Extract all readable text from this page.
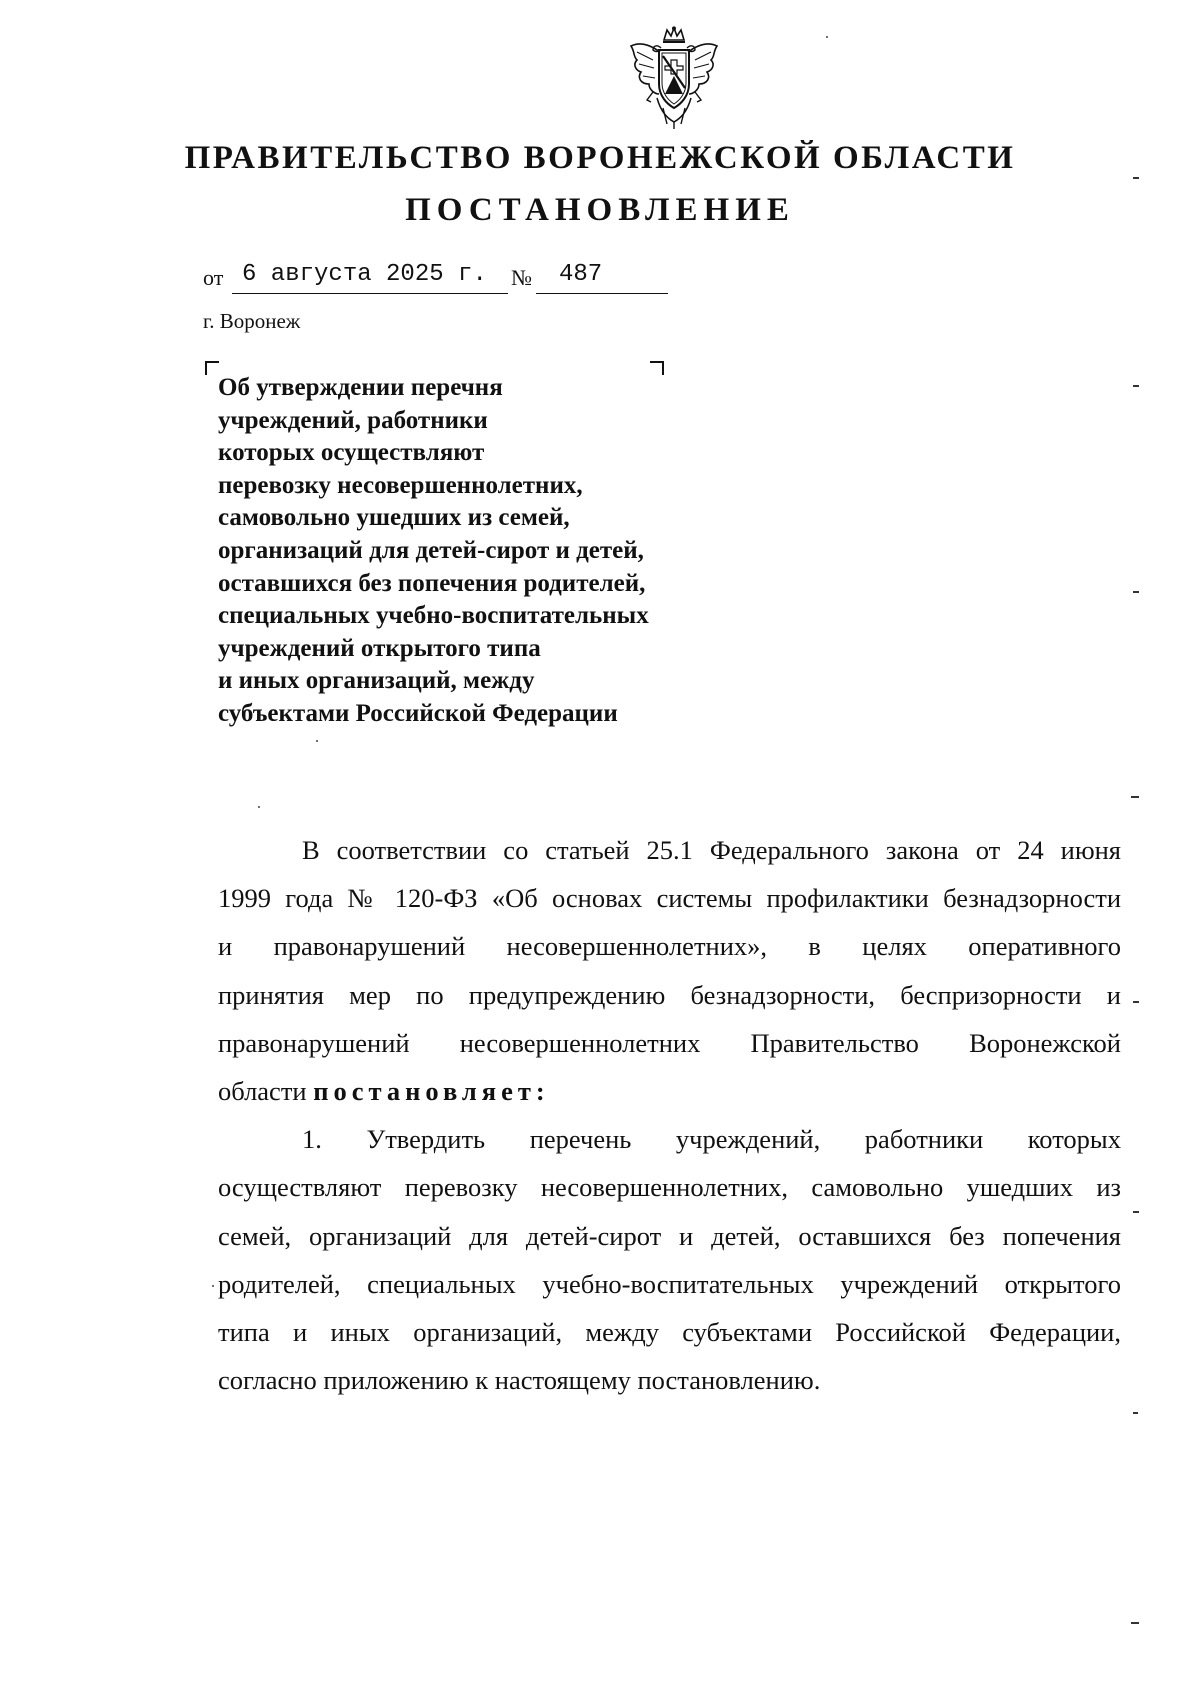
ПРАВИТЕЛЬСТВО ВОРОНЕЖСКОЙ ОБЛАСТИ
ПОСТАНОВЛЕНИЕ
от 6 августа 2025 г. № 487
г. Воронеж
Об утверждении перечня
учреждений, работники
которых осуществляют
перевозку несовершеннолетних,
самовольно ушедших из семей,
организаций для детей-сирот и детей,
оставшихся без попечения родителей,
специальных учебно-воспитательных
учреждений открытого типа
и иных организаций, между
субъектами Российской Федерации
В соответствии со статьей 25.1 Федерального закона от 24 июня
1999 года № 120-ФЗ «Об основах системы профилактики безнадзорности
и правонарушений несовершеннолетних», в целях оперативного
принятия мер по предупреждению безнадзорности, беспризорности и
правонарушений несовершеннолетних Правительство Воронежской
области постановляет:
1. Утвердить перечень учреждений, работники которых
осуществляют перевозку несовершеннолетних, самовольно ушедших из
семей, организаций для детей-сирот и детей, оставшихся без попечения
родителей, специальных учебно-воспитательных учреждений открытого
типа и иных организаций, между субъектами Российской Федерации,
согласно приложению к настоящему постановлению.
